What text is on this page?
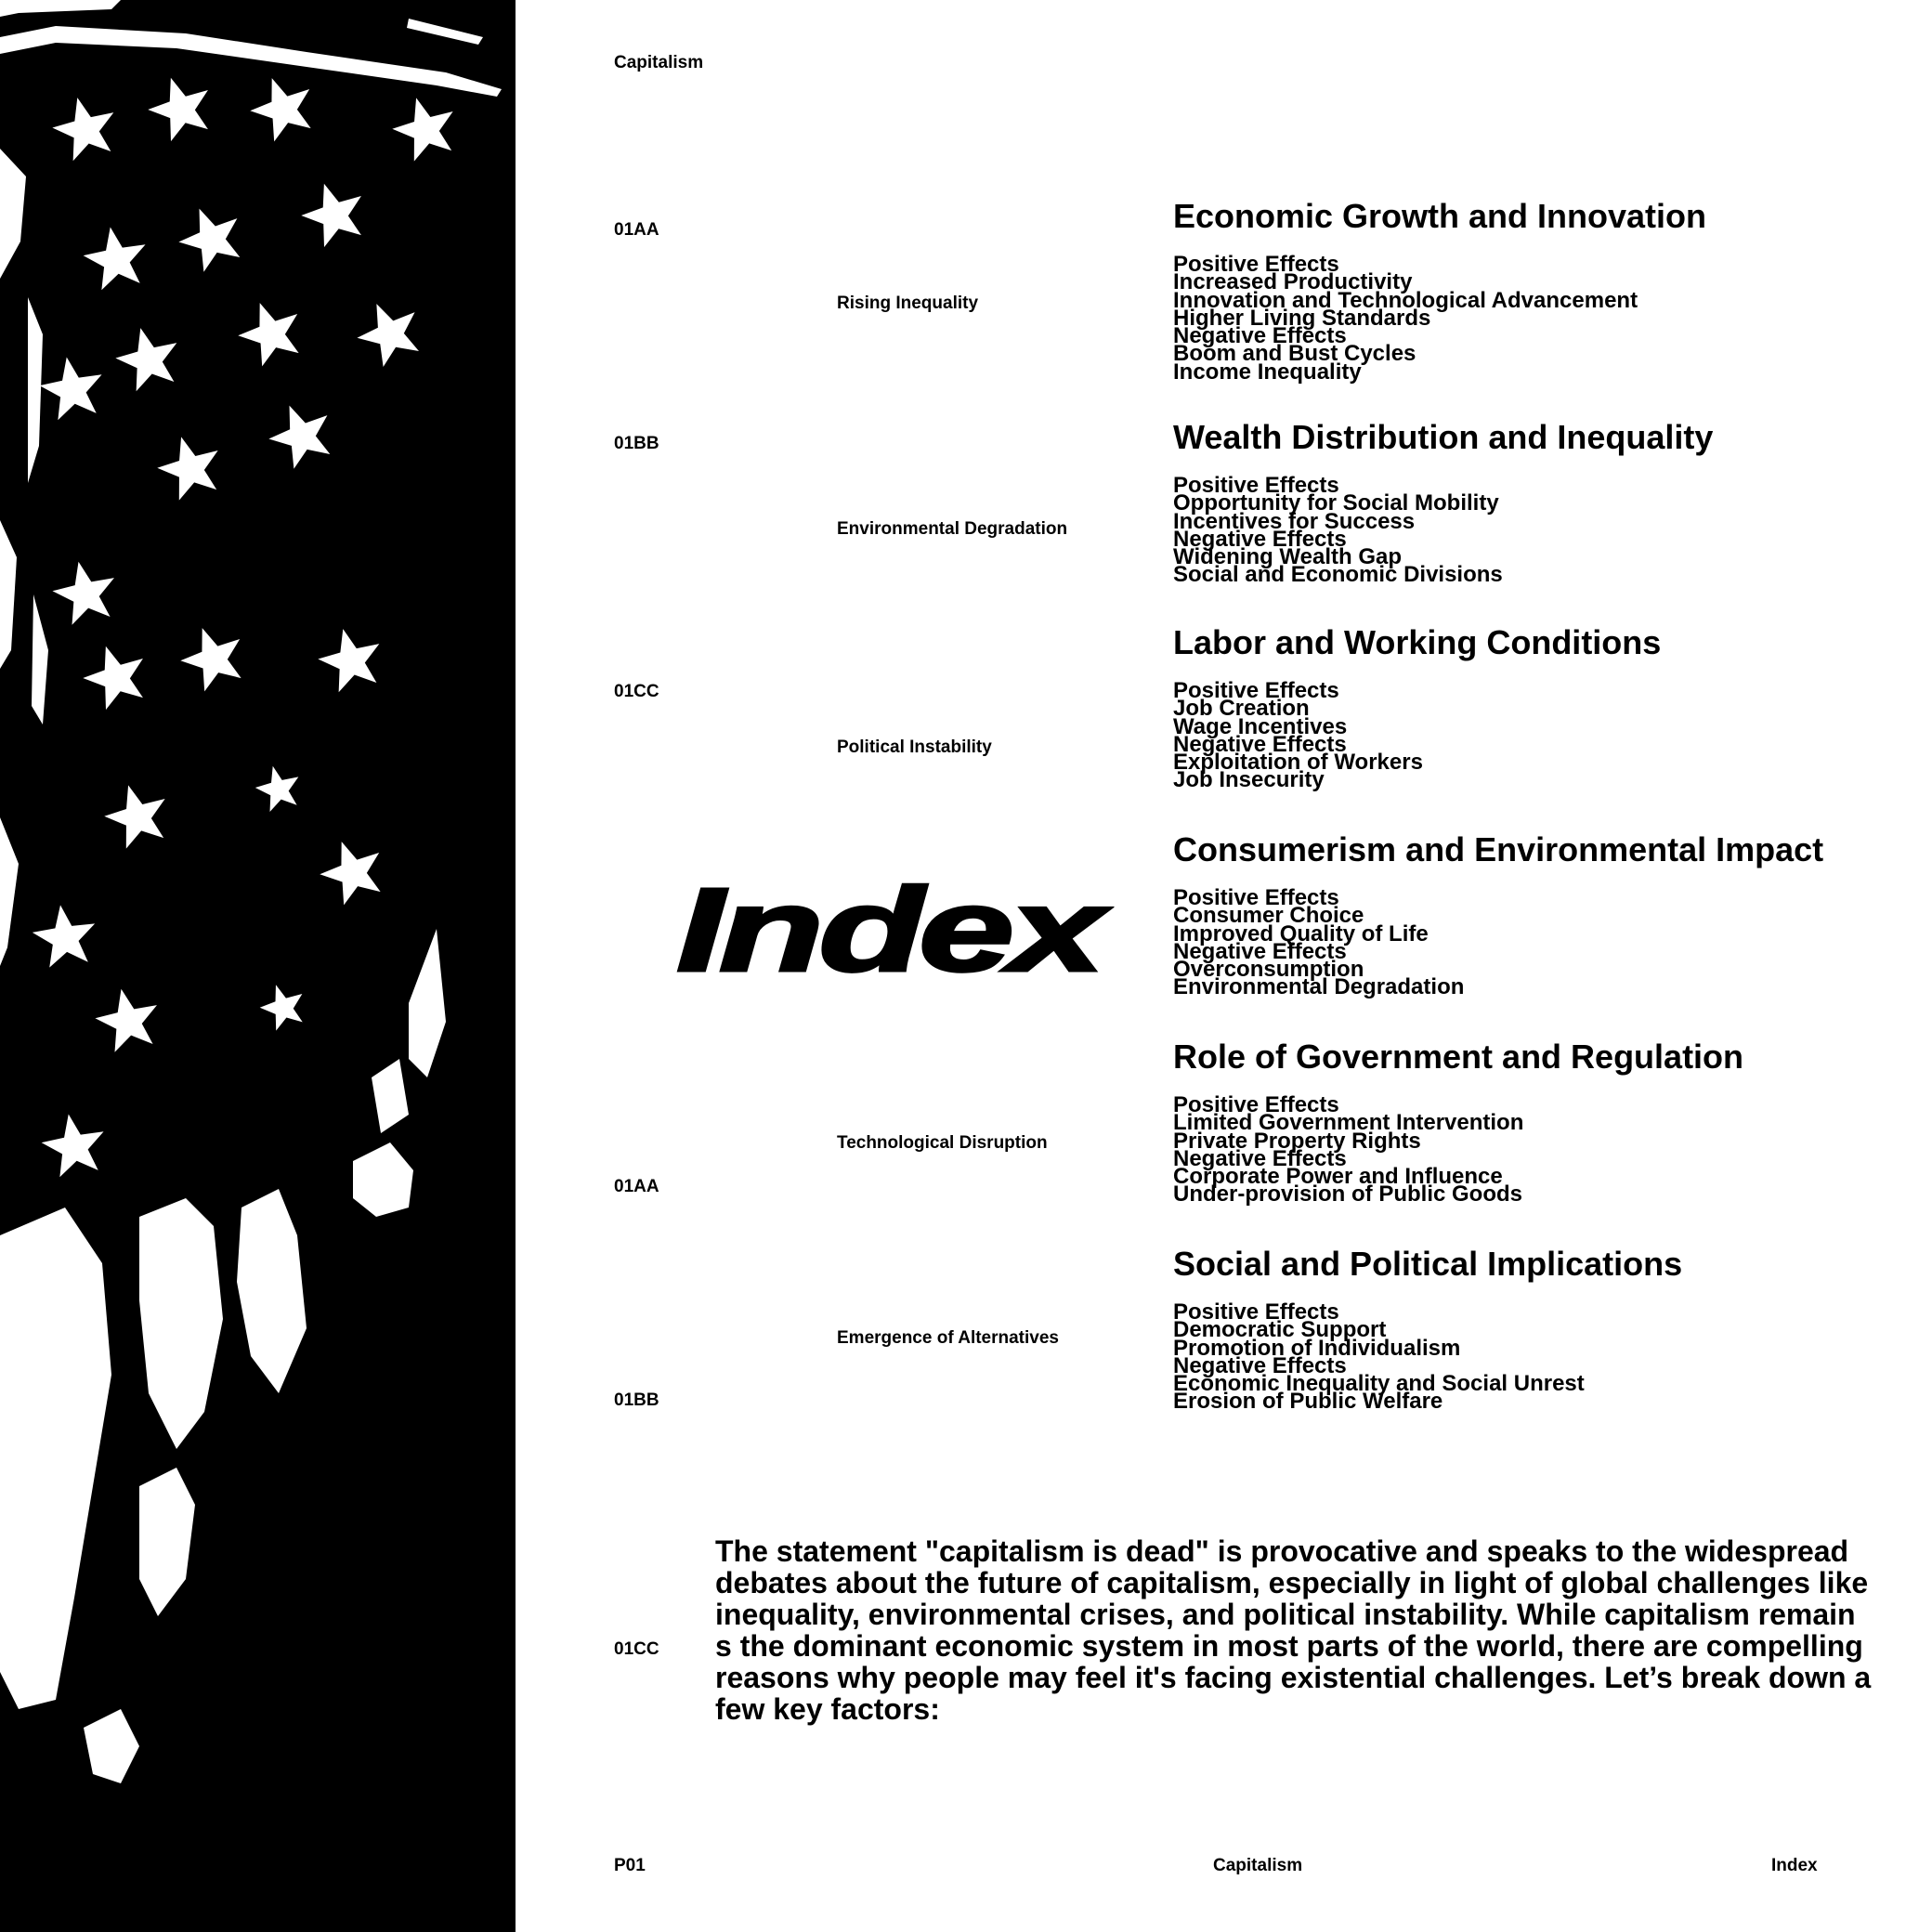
Capitalism

01AA

01BB

01CC

01AA

01BB

01CC

Rising Inequality

Environmental Degradation

Political Instability

Technological Disruption

Emergence of Alternatives

Index

Economic Growth and Innovation
Positive Effects
Increased Productivity
Innovation and Technological Advancement
Higher Living Standards
Negative Effects
Boom and Bust Cycles
Income Inequality
Wealth Distribution and Inequality
Positive Effects
Opportunity for Social Mobility
Incentives for Success
Negative Effects
Widening Wealth Gap
Social and Economic Divisions
Labor and Working Conditions
Positive Effects
Job Creation
Wage Incentives
Negative Effects
Exploitation of Workers
Job Insecurity
Consumerism and Environmental Impact
Positive Effects
Consumer Choice
Improved Quality of Life
Negative Effects
Overconsumption
Environmental Degradation
Role of Government and Regulation
Positive Effects
Limited Government Intervention
Private Property Rights
Negative Effects
Corporate Power and Influence
Under-provision of Public Goods
Social and Political Implications
Positive Effects
Democratic Support
Promotion of Individualism
Negative Effects
Economic Inequality and Social Unrest
Erosion of Public Welfare

The statement "capitalism is dead" is provocative and speaks to the widespread debates about the future of capitalism, especially in light of global challenges like inequality, environmental crises, and political instability. While capitalism remains the dominant economic system in most parts of the world, there are compelling reasons why people may feel it's facing existential challenges. Let’s break down a few key factors:

P01	Capitalism	Index
